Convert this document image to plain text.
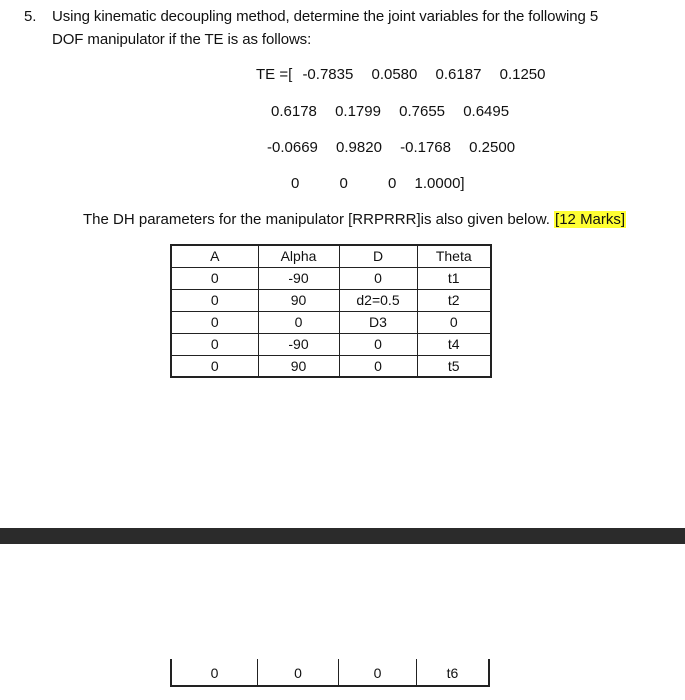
5. Using kinematic decoupling method, determine the joint variables for the following 5
DOF manipulator if the TE is as follows:
TE =[ -0.7835 0.0580 0.6187 0.1250
0.6178 0.1799 0.7655 0.6495
-0.0669 0.9820 -0.1768 0.2500
0	0	0 1.0000]
The DH parameters for the manipulator [RRPRRR]is also given below. [12 Marks]
A	Alpha	D	Theta
0	-90	0	t1
0	90	d2=0.5	t2
0	0	D3	0
0	-90	0	t4
0	90	0	t5
0	0	0	t6
